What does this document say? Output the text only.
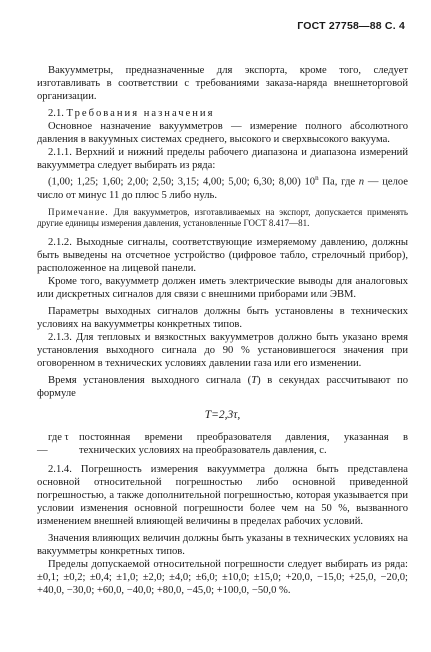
ГОСТ 27758—88 С. 4

Вакуумметры, предназначенные для экспорта, кроме того, следует изготавливать в соответствии с требованиями заказа-наряда внешнеторговой организации.

2.1. Требования назначения

Основное назначение вакуумметров — измерение полного абсолютного давления в вакуумных системах среднего, высокого и сверхвысокого вакуума.

2.1.1. Верхний и нижний пределы рабочего диапазона и диапазона измерений вакуумметра следует выбирать из ряда:

(1,00; 1,25; 1,60; 2,00; 2,50; 3,15; 4,00; 5,00; 6,30; 8,00) 10$^n$ Па, где n — целое число от минус 11 до плюс 5 либо нуль.

Примечание. Для вакуумметров, изготавливаемых на экспорт, допускается применять другие единицы измерения давления, установленные ГОСТ 8.417—81.

2.1.2. Выходные сигналы, соответствующие измеряемому давлению, должны быть выведены на отсчетное устройство (цифровое табло, стрелочный прибор), расположенное на лицевой панели.

Кроме того, вакуумметр должен иметь электрические выводы для аналоговых или дискретных сигналов для связи с внешними приборами или ЭВМ.

Параметры выходных сигналов должны быть установлены в технических условиях на вакуумметры конкретных типов.

2.1.3. Для тепловых и вязкостных вакуумметров должно быть указано время установления выходного сигнала до 90 % установившегося значения при оговоренном в технических условиях давлении газа или его изменении.

Время установления выходного сигнала (T) в секундах рассчитывают по формуле

T=2,3τ,

где τ —
постоянная времени преобразователя давления, указанная в технических условиях на преобразователь давления, с.

2.1.4. Погрешность измерения вакуумметра должна быть представлена основной относительной погрешностью либо основной приведенной погрешностью, а также дополнительной погрешностью, которая указывается при условии изменения основной погрешности более чем на 50 %, вызванного изменением внешней влияющей величины в пределах рабочих условий.

Значения влияющих величин должны быть указаны в технических условиях на вакуумметры конкретных типов.

Пределы допускаемой относительной погрешности следует выбирать из ряда: ±0,1; ±0,2; ±0,4; ±1,0; ±2,0; ±4,0; ±6,0; ±10,0; ±15,0; +20,0, −15,0; +25,0, −20,0; +40,0, −30,0; +60,0, −40,0; +80,0, −45,0; +100,0, −50,0 %.
